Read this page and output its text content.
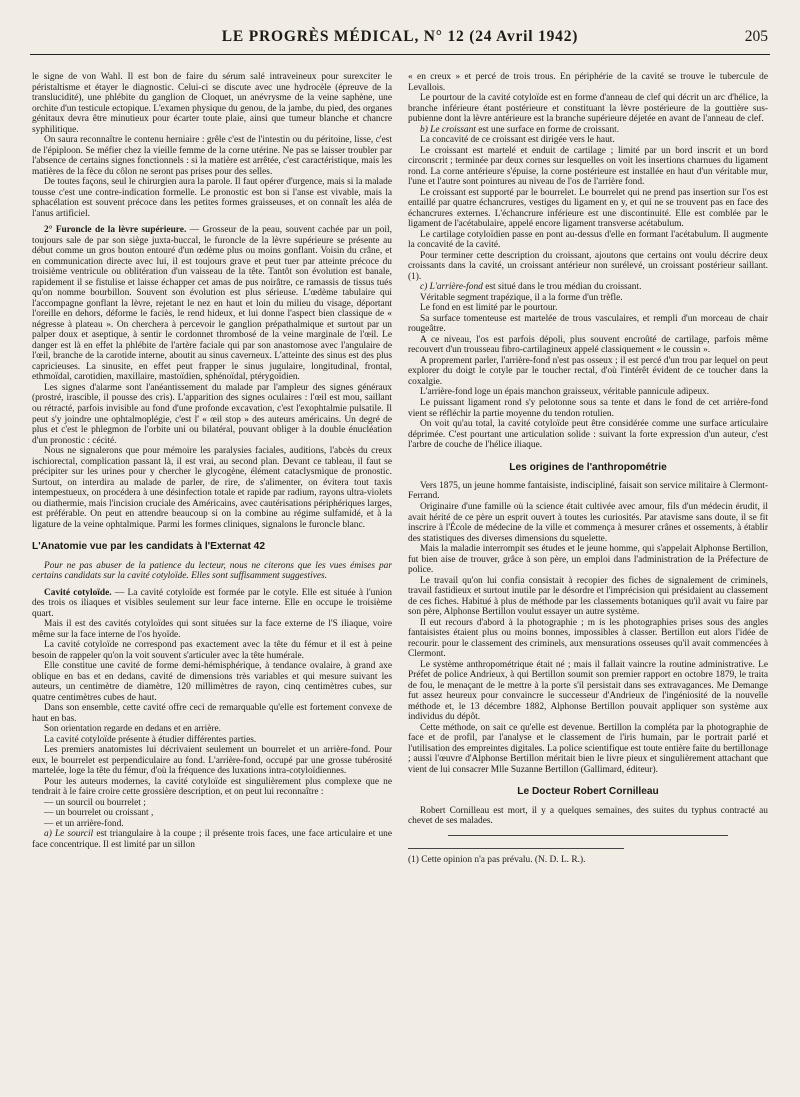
LE PROGRÈS MÉDICAL, N° 12 (24 Avril 1942)	205

le signe de von Wahl. Il est bon de faire du sérum salé intraveineux pour surexciter le péristaltisme et étayer le diagnostic. Celui-ci se discute avec une hydrocèle (épreuve de la translucidité), une phlébite du ganglion de Cloquet, un anévrysme de la veine saphène, une orchite d'un testicule ectopique. L'examen physique du genou, de la jambe, du pied, des organes génitaux devra être minutieux pour écarter toute plaie, ainsi que tumeur blanche et chancre syphilitique.

On saura reconnaître le contenu herniaire : grêle c'est de l'intestin ou du péritoine, lisse, c'est de l'épiploon. Se méfier chez la vieille femme de la corne utérine. Ne pas se laisser troubler par l'absence de certains signes fonctionnels : si la matière est arrêtée, c'est caractéristique, mais les matières de la fèce du côlon ne seront pas prises pour des selles.

De toutes façons, seul le chirurgien aura la parole. Il faut opérer d'urgence, mais si la malade tousse c'est une contre-indication formelle. Le pronostic est bon si l'anse est vivable, mais la sphacélation est souvent précoce dans les petites formes graisseuses, et on connaît les aléa de l'anus artificiel.

2° Furoncle de la lèvre supérieure. — Grosseur de la peau, souvent cachée par un poil, toujours sale de par son siège juxta-buccal, le furoncle de la lèvre supérieure se présente au début comme un gros bouton entouré d'un œdème plus ou moins gonflant. Voisin du crâne, et en communication directe avec lui, il est toujours grave et peut tuer par atteinte précoce du troisième ventricule ou oblitération d'un vaisseau de la tête. Tantôt son évolution est banale, rapidement il se fistulise et laisse échapper cet amas de pus noirâtre, ce ramassis de tissus tués qu'on nomme bourbillon. Souvent son évolution est plus sérieuse. L'œdème tabulaire qui l'accompagne gonflant la lèvre, rejetant le nez en haut et loin du milieu du visage, déportant l'oreille en dehors, déforme le faciès, le rend hideux, et lui donne l'aspect bien classique de « négresse à plateau ». On cherchera à percevoir le ganglion prépathalmique et surtout par un palper doux et aseptique, à sentir le cordonnet thrombosé de la veine marginale de l'œil. Le danger est là en effet la phlébite de l'artère faciale qui par son anastomose avec l'angulaire de l'œil, branche de la carotide interne, aboutit au sinus caverneux. L'atteinte des sinus est des plus capricieuses. La sinusite, en effet peut frapper le sinus jugulaire, longitudinal, frontal, ethmoïdal, carotidien, maxillaire, mastoïdien, sphénoïdal, ptérygoïdien.

Les signes d'alarme sont l'anéantissement du malade par l'ampleur des signes généraux (prostré, irascible, il pousse des cris). L'apparition des signes oculaires : l'œil est mou, saillant ou rétracté, parfois invisible au fond d'une profonde excavation, c'est l'exophtalmie pulsatile. Il peut s'y joindre une ophtalmoplégie, c'est l' « œil stop » des auteurs américains. Un degré de plus et c'est le phlegmon de l'orbite uni ou bilatéral, pouvant obliger à la double énucléation d'un pronostic : cécité.

Nous ne signalerons que pour mémoire les paralysies faciales, auditions, l'abcès du creux ischiorectal, complication passant là, il est vrai, au second plan. Devant ce tableau, il faut se précipiter sur les urines pour y chercher le glycogène, élément cataclysmique de pronostic. Surtout, on interdira au malade de parler, de rire, de s'alimenter, on évitera tout taxis intempestueux, on procédera à une désinfection totale et rapide par radium, rayons ultra-violets ou diathermie, mais l'incision cruciale des Américains, avec cautérisations périphériques larges, est préférable. On peut en attendre beaucoup si on la combine au régime sulfamidé, et à la ligature de la veine ophtalmique. Parmi les formes cliniques, signalons le furoncle blanc.

L'Anatomie vue par les candidats à l'Externat 42

Pour ne pas abuser de la patience du lecteur, nous ne citerons que les vues émises par certains candidats sur la cavité cotyloïde. Elles sont suffisamment suggestives.

Cavité cotyloïde. — La cavité cotyloïde est formée par le cotyle. Elle est située à l'union des trois os iliaques et visibles seulement sur leur face interne. Elle en occupe le troisième quart.

Mais il est des cavités cotyloïdes qui sont situées sur la face externe de l'S iliaque, voire même sur la face interne de l'os hyoïde.

La cavité cotyloïde ne correspond pas exactement avec la tête du fémur et il est à peine besoin de rappeler qu'on la voit souvent s'articuler avec la tête humérale.

Elle constitue une cavité de forme demi-hémisphérique, à tendance ovalaire, à grand axe oblique en bas et en dedans, cavité de dimensions très variables et qui mesure suivant les auteurs, un centimètre de diamètre, 120 millimètres de rayon, cinq centimètres cubes, sur quatre centimètres cubes de haut.

Dans son ensemble, cette cavité offre ceci de remarquable qu'elle est fortement convexe de haut en bas.

Son orientation regarde en dedans et en arrière.

La cavité cotyloïde présente à étudier différentes parties.

Les premiers anatomistes lui décrivaient seulement un bourrelet et un arrière-fond. Pour eux, le bourrelet est perpendiculaire au fond. L'arrière-fond, occupé par une grosse tubérosité martelée, loge la tête du fémur, d'où la fréquence des luxations intra-cotyloïdiennes.

Pour les auteurs modernes, la cavité cotyloïde est singulièrement plus complexe que ne tendrait à le faire croire cette grossière description, et on peut lui reconnaître :

— un sourcil ou bourrelet ;

— un bourrelet ou croissant ,

— et un arrière-fond.

a) Le sourcil est triangulaire à la coupe ; il présente trois faces, une face articulaire et une face concentrique. Il est limité par un sillon

« en creux » et percé de trois trous. En périphérie de la cavité se trouve le tubercule de Levallois.

Le pourtour de la cavité cotyloïde est en forme d'anneau de clef qui décrit un arc d'hélice, la branche inférieure étant postérieure et constituant la lèvre postérieure de la gouttière sus-pubienne dont la lèvre antérieure est la branche supérieure déjetée en avant de l'anneau de clef.

b) Le croissant est une surface en forme de croissant.

La concavité de ce croissant est dirigée vers le haut.

Le croissant est martelé et enduit de cartilage ; limité par un bord inscrit et un bord circonscrit ; terminée par deux cornes sur lesquelles on voit les insertions charnues du ligament rond. La corne antérieure s'épuise, la corne postérieure est installée en haut d'un véritable mur, l'une et l'autre sont pointures au niveau de l'os de l'arrière fond.

Le croissant est supporté par le bourrelet. Le bourrelet qui ne prend pas insertion sur l'os est entaillé par quatre échancrures, vestiges du ligament en y, et qui ne se trouvent pas en face des échancrures externes. L'échancrure inférieure est une discontinuité. Elle est comblée par le ligament de l'acétabulaire, appelé encore ligament transverse acétabulum.

Le cartilage cotyloïdien passe en pont au-dessus d'elle en formant l'acétabulum. Il augmente la concavité de la cavité.

Pour terminer cette description du croissant, ajoutons que certains ont voulu décrire deux croissants dans la cavité, un croissant antérieur non surélevé, un croissant postérieur saillant. (1).

c) L'arrière-fond est situé dans le trou médian du croissant.

Véritable segment trapézique, il a la forme d'un trèfle.

Le fond en est limité par le pourtour.

Sa surface tomenteuse est martelée de trous vasculaires, et rempli d'un morceau de chair rougeâtre.

A ce niveau, l'os est parfois dépoli, plus souvent encroûté de cartilage, parfois même recouvert d'un trousseau fibro-cartilagineux appelé classiquement « le coussin ».

A proprement parler, l'arrière-fond n'est pas osseux ; il est percé d'un trou par lequel on peut explorer du doigt le cotyle par le toucher rectal, d'où l'intérêt évident de ce toucher dans la coxalgie.

L'arrière-fond loge un épais manchon graisseux, véritable pannicule adipeux.

Le puissant ligament rond s'y pelotonne sous sa tente et dans le fond de cet arrière-fond vient se réfléchir la partie moyenne du tendon rotulien.

On voit qu'au total, la cavité cotyloïde peut être considérée comme une surface articulaire déprimée. C'est pourtant une articulation solide : suivant la forte expression d'un auteur, c'est l'arbre de couche de l'hélice iliaque.

Les origines de l'anthropométrie

Vers 1875, un jeune homme fantaisiste, indiscipliné, faisait son service militaire à Clermont-Ferrand.

Originaire d'une famille où la science était cultivée avec amour, fils d'un médecin érudit, il avait hérité de ce père un esprit ouvert à toutes les curiosités. Par atavisme sans doute, il se fit inscrire à l'École de médecine de la ville et commença à mesurer crânes et ossements, à établir des statistiques des diverses dimensions du squelette.

Mais la maladie interrompit ses études et le jeune homme, qui s'appelait Alphonse Bertillon, fut bien aise de trouver, grâce à son père, un emploi dans l'administration de la Préfecture de police.

Le travail qu'on lui confia consistait à recopier des fiches de signalement de criminels, travail fastidieux et surtout inutile par le désordre et l'imprécision qui présidaient au classement de ces fiches. Habitué à plus de méthode par les classements botaniques qu'il avait vu faire par son père, Alphonse Bertillon voulut essayer un autre système.

Il eut recours d'abord à la photographie ; m is les photographies prises sous des angles fantaisistes étaient plus ou moins bonnes, impossibles à classer. Bertillon eut alors l'idée de recourir. pour le classement des criminels, aux mensurations osseuses qu'il avait commencées à Clermont.

Le système anthropométrique était né ; mais il fallait vaincre la routine administrative. Le Préfet de police Andrieux, à qui Bertillon soumit son premier rapport en octobre 1879, le traita de fou, le menaçant de le mettre à la porte s'il persistait dans ses extravagances. Me Demange fut assez heureux pour convaincre le successeur d'Andrieux de l'ingéniosité de la nouvelle méthode et, le 13 décembre 1882, Alphonse Bertillon pouvait appliquer son système aux individus du dépôt.

Cette méthode, on sait ce qu'elle est devenue. Bertillon la compléta par la photographie de face et de profil, par l'analyse et le classement de l'iris humain, par le portrait parlé et l'utilisation des empreintes digitales. La police scientifique est toute entière faite du bertillonage ; aussi l'œuvre d'Alphonse Bertillon méritait bien le livre pieux et singulièrement attachant que vient de lui consacrer Mlle Suzanne Bertillon (Gallimard, éditeur).

Le Docteur Robert Cornilleau

Robert Cornilleau est mort, il y a quelques semaines, des suites du typhus contracté au chevet de ses malades.

(1) Cette opinion n'a pas prévalu. (N. D. L. R.).
